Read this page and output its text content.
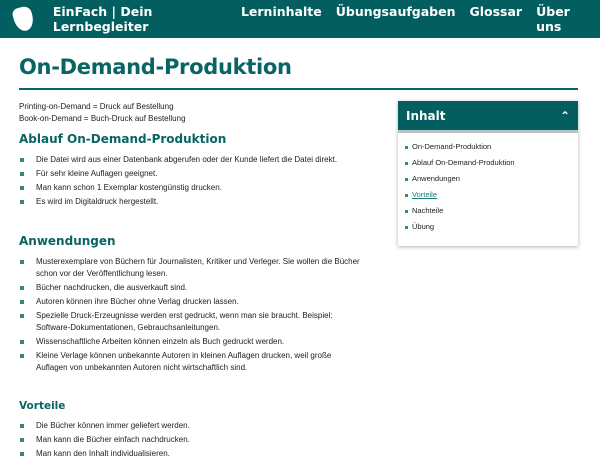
EinFach | Dein Lernbegleiter
Lerninhalte Übungsaufgaben Glossar Über uns
On-Demand-Produktion
Printing-on-Demand = Druck auf Bestellung
Book-on-Demand = Buch-Druck auf Bestellung
Ablauf On-Demand-Produktion
Die Datei wird aus einer Datenbank abgerufen oder der Kunde liefert die Datei direkt.
Für sehr kleine Auflagen geeignet.
Man kann schon 1 Exemplar kostengünstig drucken.
Es wird im Digitaldruck hergestellt.
Anwendungen
Musterexemplare von Büchern für Journalisten, Kritiker und Verleger. Sie wollen die Bücher schon vor der Veröffentlichung lesen.
Bücher nachdrucken, die ausverkauft sind.
Autoren können ihre Bücher ohne Verlag drucken lassen.
Spezielle Druck-Erzeugnisse werden erst gedruckt, wenn man sie braucht. Beispiel: Software-Dokumentationen, Gebrauchsanleitungen.
Wissenschaftliche Arbeiten können einzeln als Buch gedruckt werden.
Kleine Verlage können unbekannte Autoren in kleinen Auflagen drucken, weil große Auflagen von unbekannten Autoren nicht wirtschaftlich sind.
Vorteile
Die Bücher können immer geliefert werden.
Man kann die Bücher einfach nachdrucken.
Man kann den Inhalt individualisieren.
Inhalt	⌃
On-Demand-Produktion
Ablauf On-Demand-Produktion
Anwendungen
Vorteile
Nachteile
Übung
